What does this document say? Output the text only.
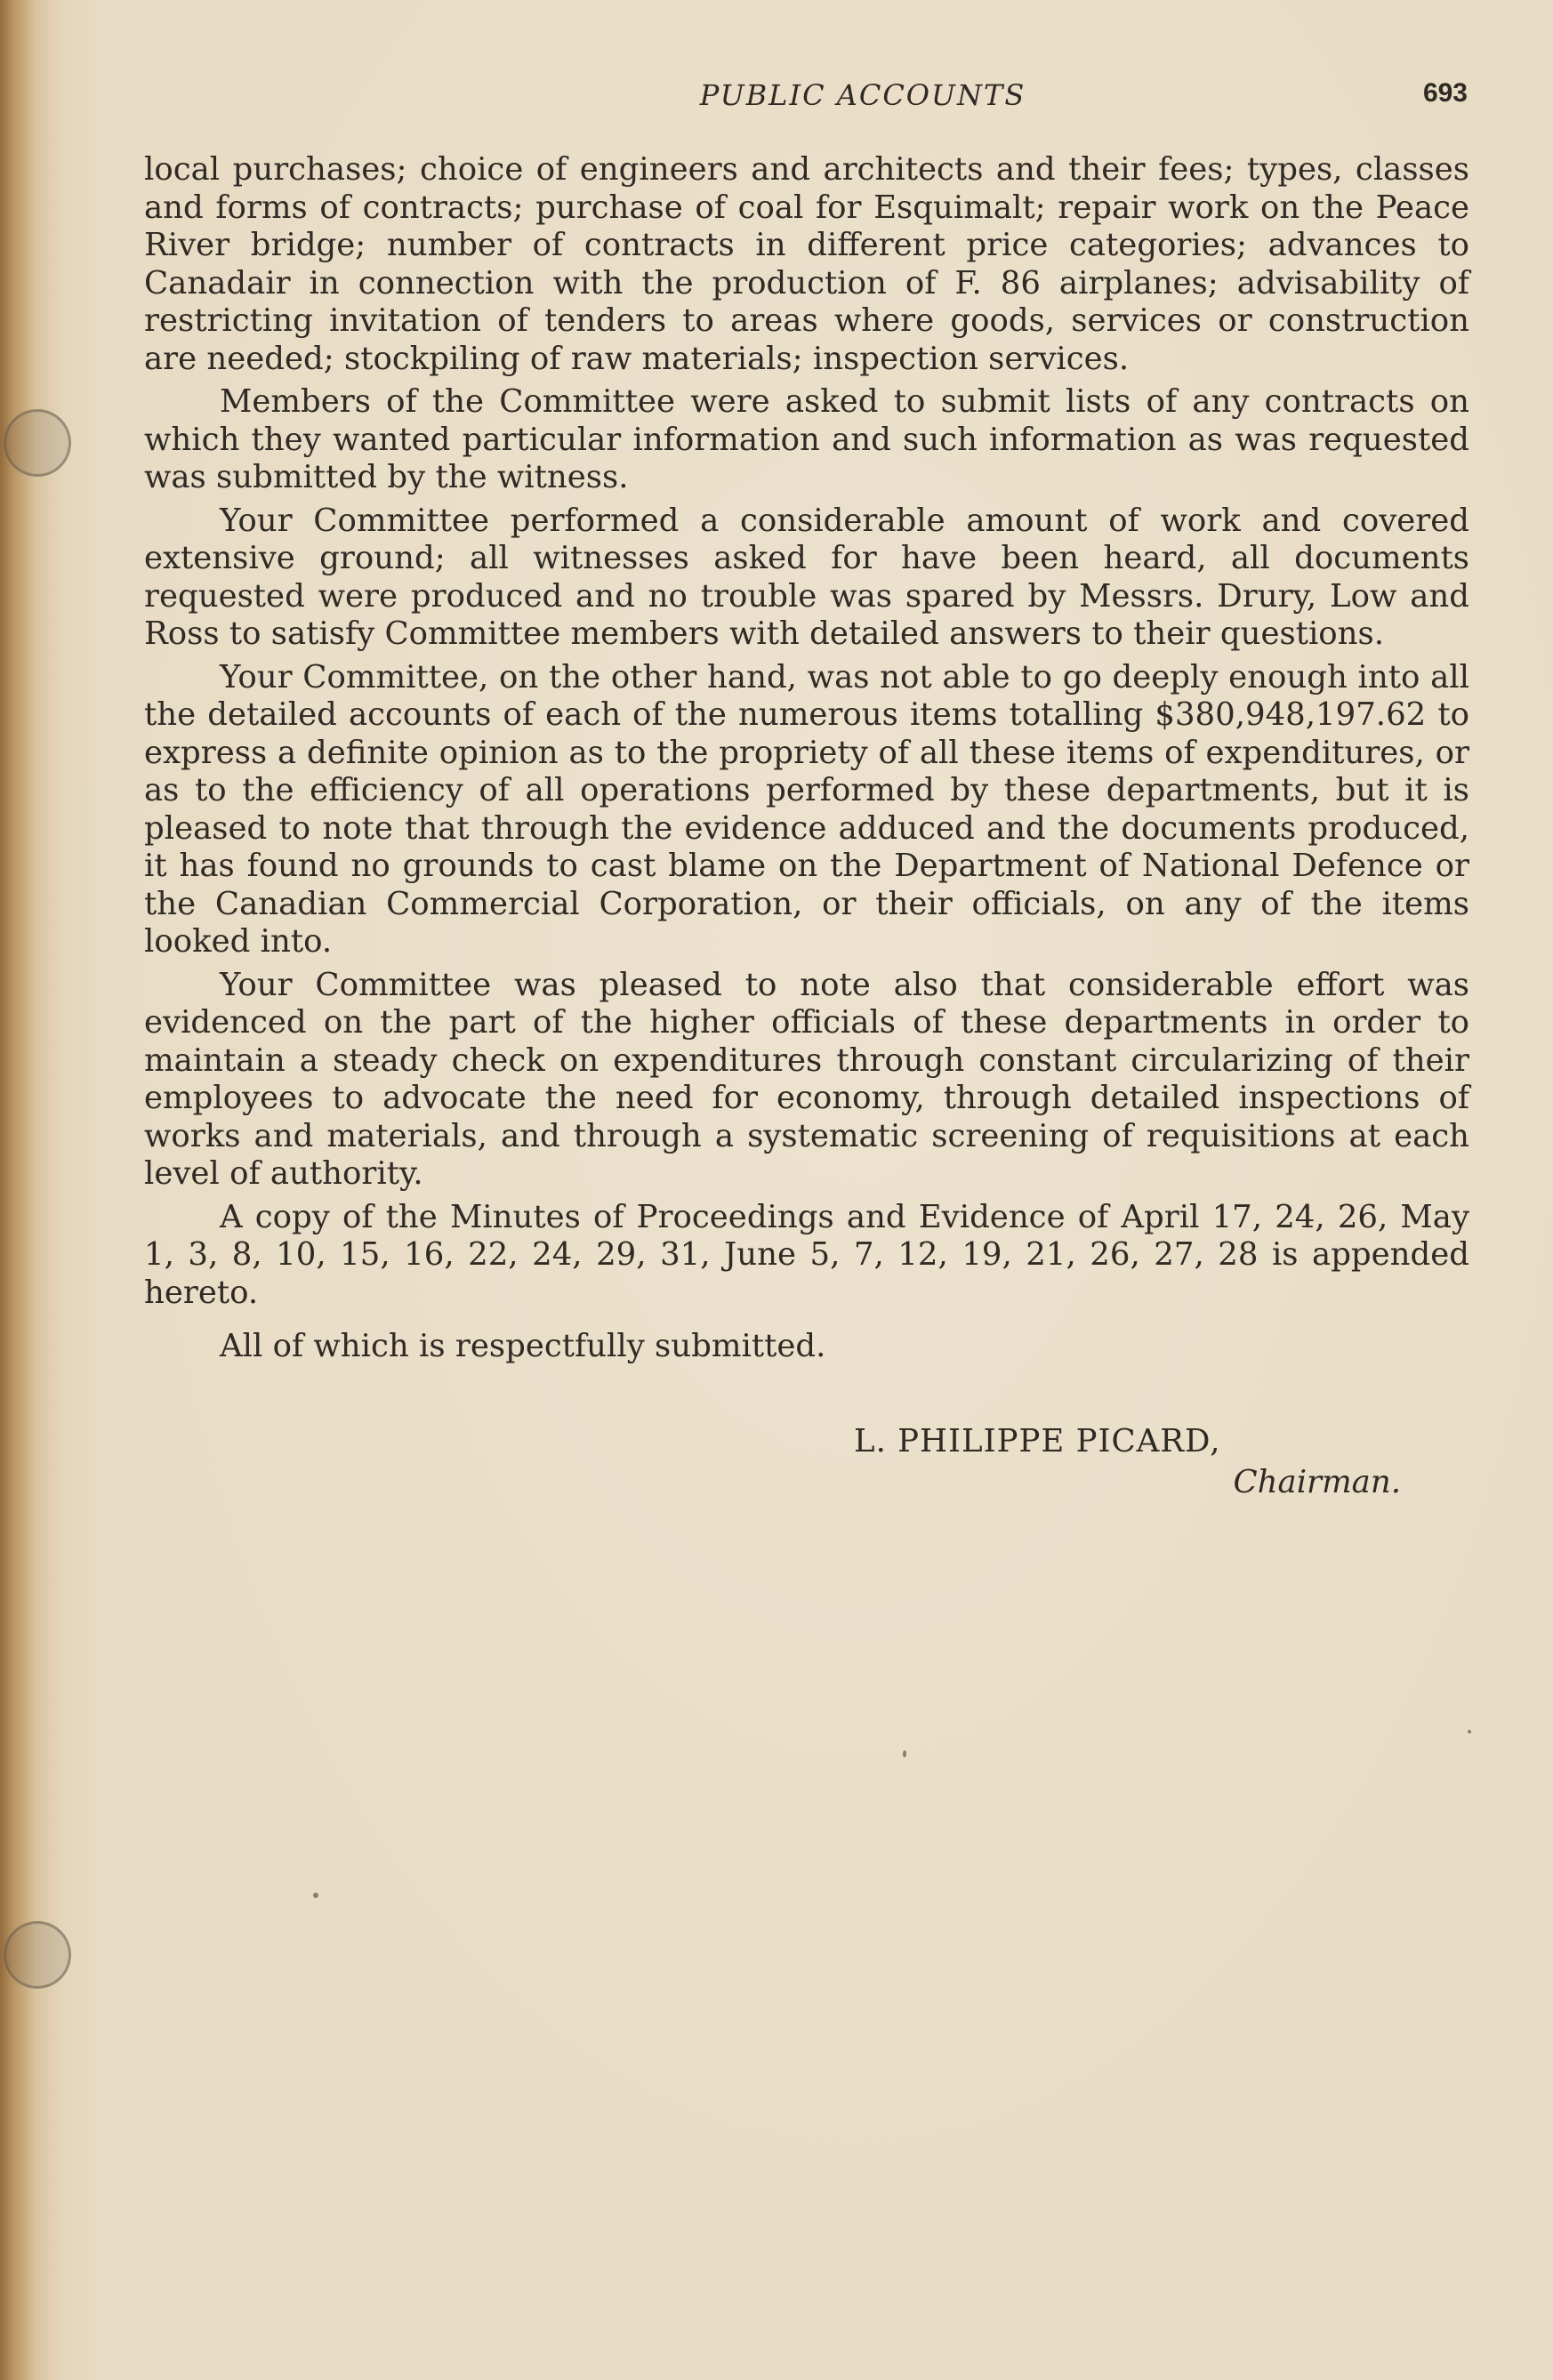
PUBLIC ACCOUNTS	693

local purchases; choice of engineers and architects and their fees; types, classes and forms of contracts; purchase of coal for Esquimalt; repair work on the Peace River bridge; number of contracts in different price categories; advances to Canadair in connection with the production of F. 86 airplanes; advisability of restricting invitation of tenders to areas where goods, services or construction are needed; stockpiling of raw materials; inspection services.

Members of the Committee were asked to submit lists of any contracts on which they wanted particular information and such information as was requested was submitted by the witness.

Your Committee performed a considerable amount of work and covered extensive ground; all witnesses asked for have been heard, all documents requested were produced and no trouble was spared by Messrs. Drury, Low and Ross to satisfy Committee members with detailed answers to their questions.

Your Committee, on the other hand, was not able to go deeply enough into all the detailed accounts of each of the numerous items totalling $380,948,197.62 to express a definite opinion as to the propriety of all these items of expenditures, or as to the efficiency of all operations performed by these departments, but it is pleased to note that through the evidence adduced and the documents produced, it has found no grounds to cast blame on the Department of National Defence or the Canadian Commercial Corporation, or their officials, on any of the items looked into.

Your Committee was pleased to note also that considerable effort was evidenced on the part of the higher officials of these departments in order to maintain a steady check on expenditures through constant circularizing of their employees to advocate the need for economy, through detailed inspections of works and materials, and through a systematic screening of requisitions at each level of authority.

A copy of the Minutes of Proceedings and Evidence of April 17, 24, 26, May 1, 3, 8, 10, 15, 16, 22, 24, 29, 31, June 5, 7, 12, 19, 21, 26, 27, 28 is appended hereto.

All of which is respectfully submitted.

L. PHILIPPE PICARD,
Chairman.
